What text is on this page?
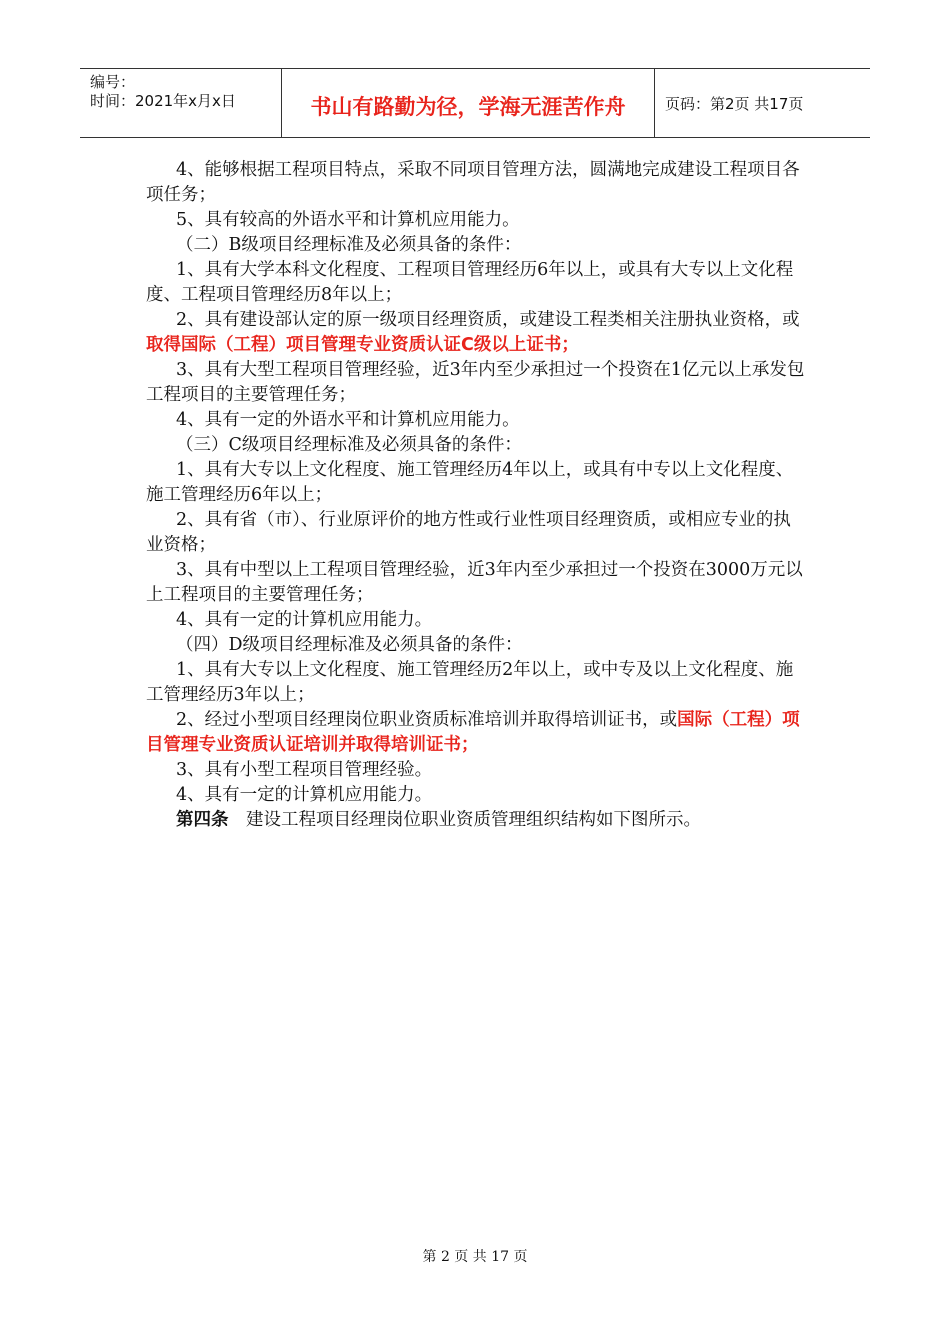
编号：
时间：2021年x月x日	书山有路勤为径，学海无涯苦作舟	页码：第2页 共17页

4、能够根据工程项目特点，采取不同项目管理方法，圆满地完成建设工程项目各项任务；

5、具有较高的外语水平和计算机应用能力。

（二）B级项目经理标准及必须具备的条件：

1、具有大学本科文化程度、工程项目管理经历6年以上，或具有大专以上文化程度、工程项目管理经历8年以上；

2、具有建设部认定的原一级项目经理资质，或建设工程类相关注册执业资格，或取得国际（工程）项目管理专业资质认证C级以上证书；

3、具有大型工程项目管理经验，近3年内至少承担过一个投资在1亿元以上承发包工程项目的主要管理任务；

4、具有一定的外语水平和计算机应用能力。

（三）C级项目经理标准及必须具备的条件：

1、具有大专以上文化程度、施工管理经历4年以上，或具有中专以上文化程度、施工管理经历6年以上；

2、具有省（市）、行业原评价的地方性或行业性项目经理资质，或相应专业的执业资格；

3、具有中型以上工程项目管理经验，近3年内至少承担过一个投资在3000万元以上工程项目的主要管理任务；

4、具有一定的计算机应用能力。

（四）D级项目经理标准及必须具备的条件：

1、具有大专以上文化程度、施工管理经历2年以上，或中专及以上文化程度、施工管理经历3年以上；

2、经过小型项目经理岗位职业资质标准培训并取得培训证书，或国际（工程）项目管理专业资质认证培训并取得培训证书；

3、具有小型工程项目管理经验。

4、具有一定的计算机应用能力。

第四条　建设工程项目经理岗位职业资质管理组织结构如下图所示。

第 2 页 共 17 页
